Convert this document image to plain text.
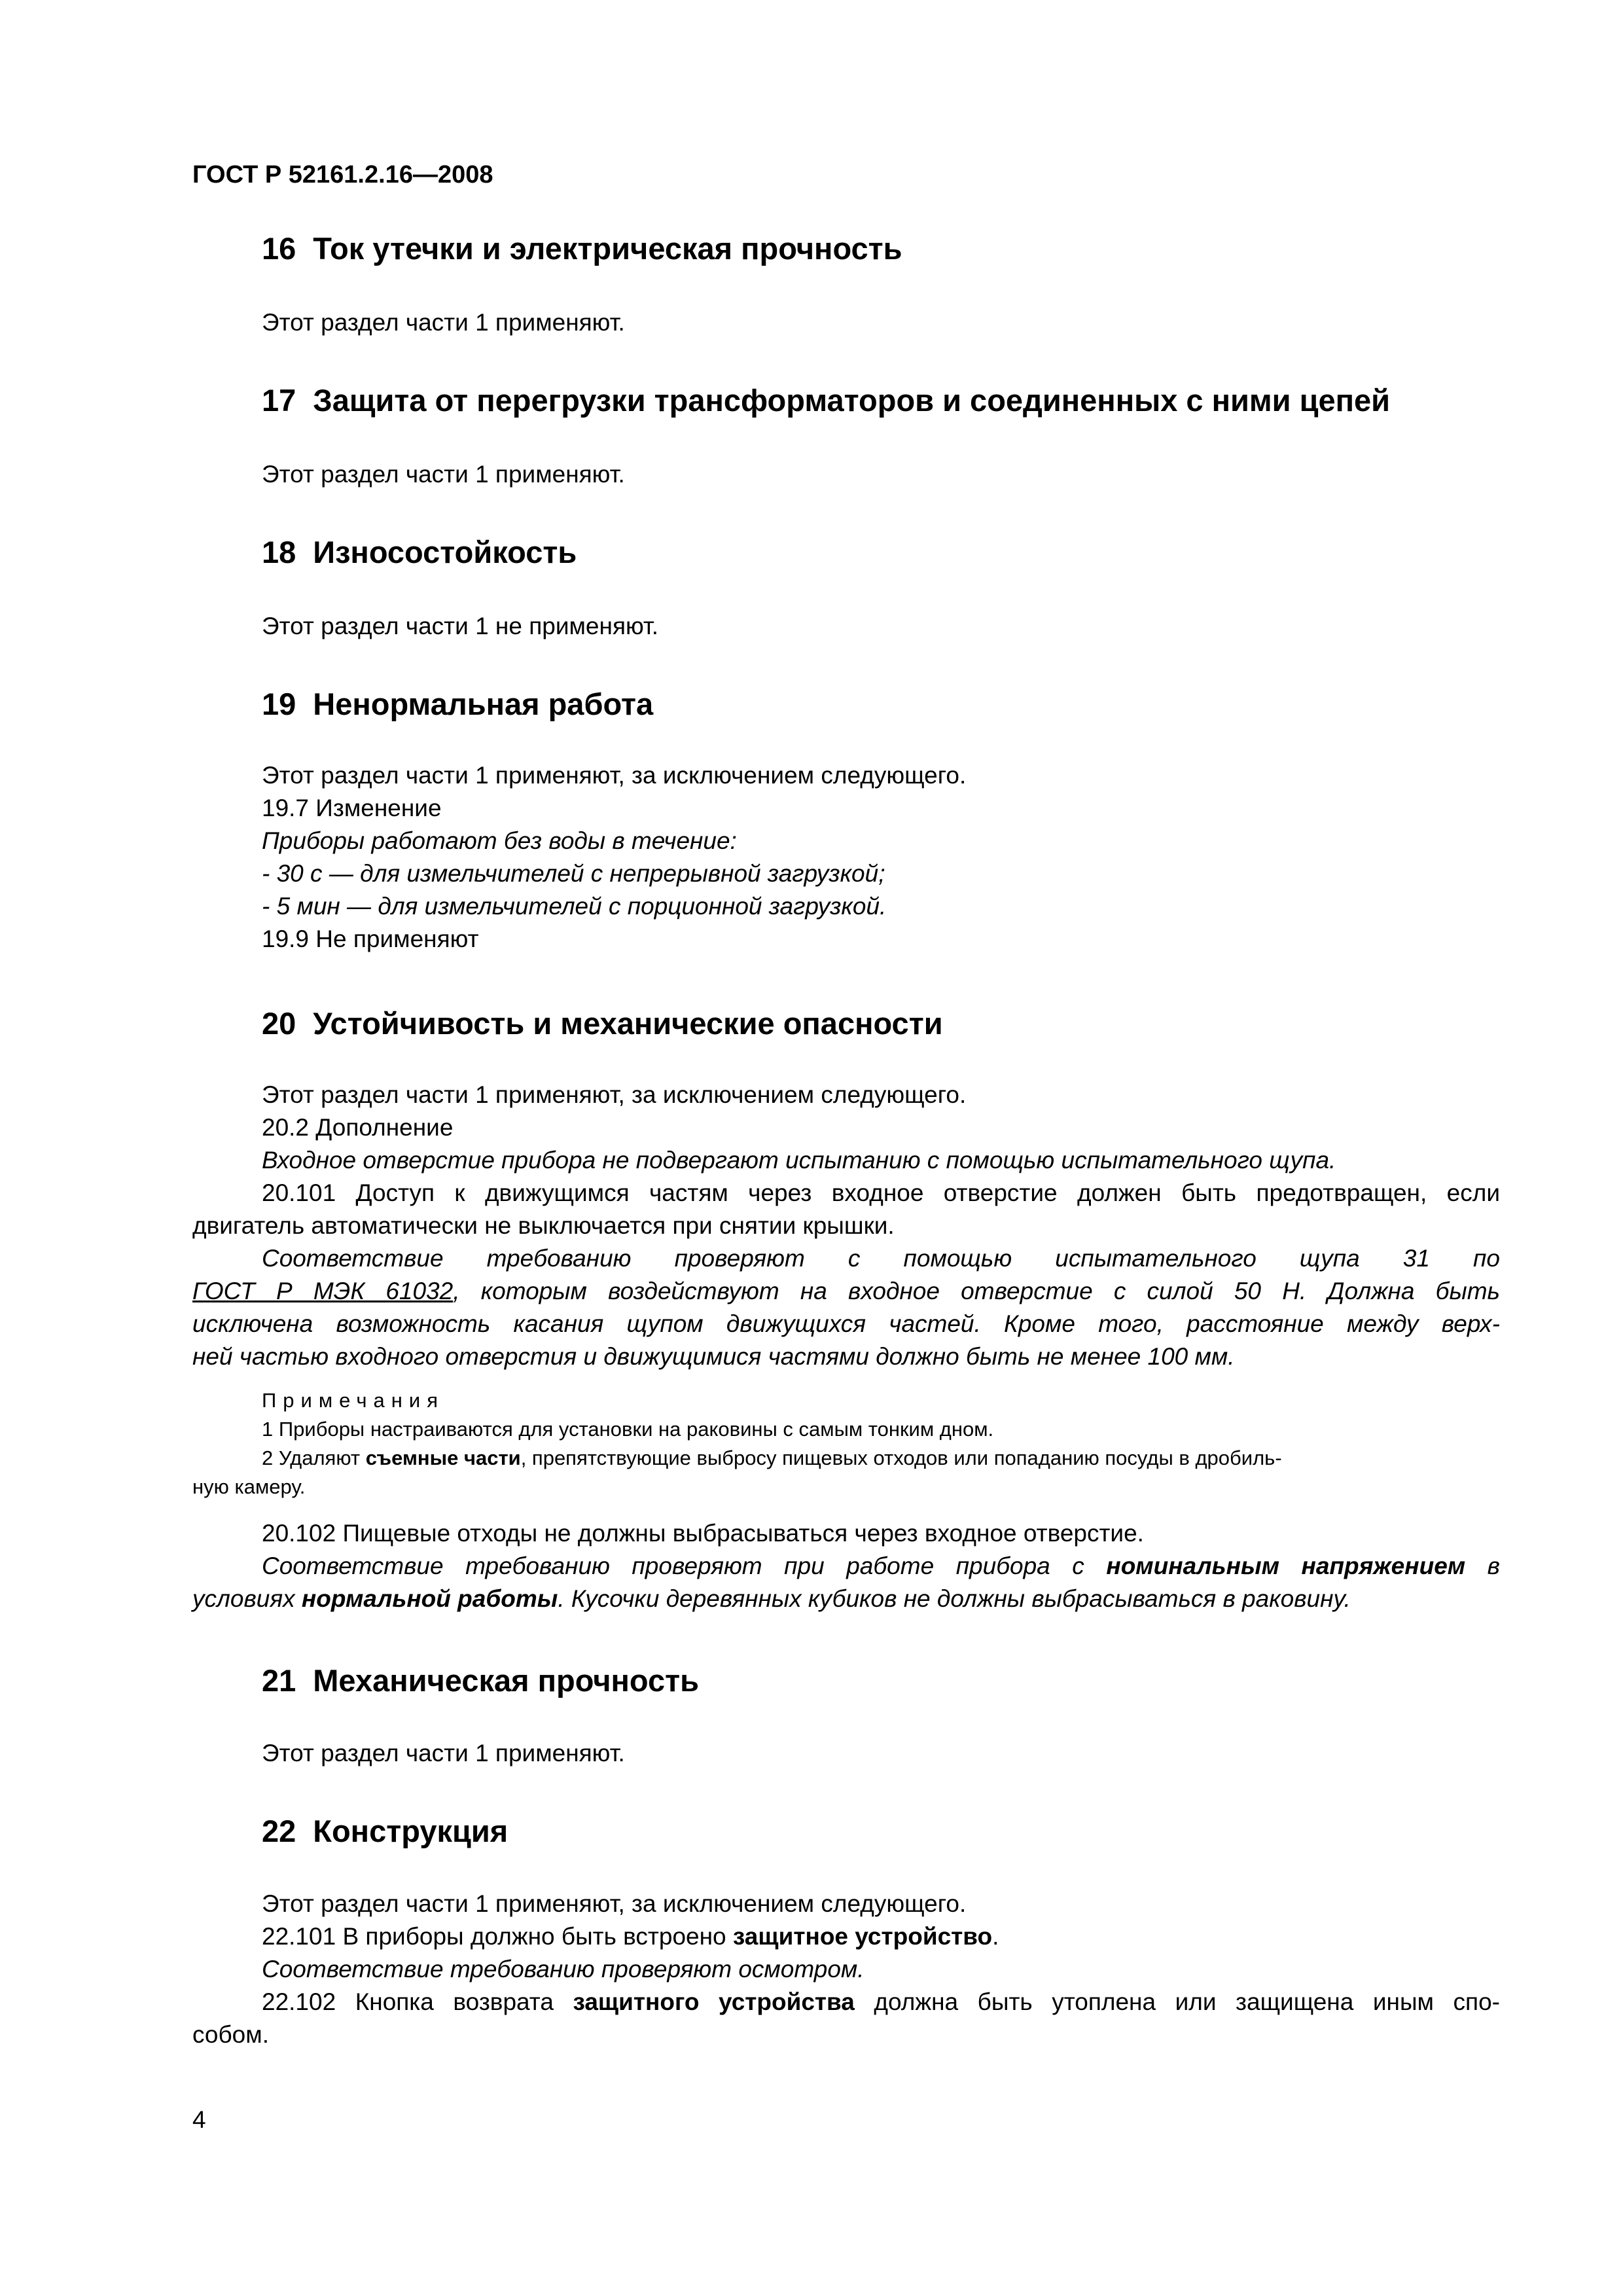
ГОСТ Р 52161.2.16—2008
16 Ток утечки и электрическая прочность
Этот раздел части 1 применяют.
17 Защита от перегрузки трансформаторов и соединенных с ними цепей
Этот раздел части 1 применяют.
18 Износостойкость
Этот раздел части 1 не применяют.
19 Ненормальная работа
Этот раздел части 1 применяют, за исключением следующего.
19.7 Изменение
Приборы работают без воды в течение:
- 30 с — для измельчителей с непрерывной загрузкой;
- 5 мин — для измельчителей с порционной загрузкой.
19.9 Не применяют
20 Устойчивость и механические опасности
Этот раздел части 1 применяют, за исключением следующего.
20.2 Дополнение
Входное отверстие прибора не подвергают испытанию с помощью испытательного щупа.
20.101 Доступ к движущимся частям через входное отверстие должен быть предотвращен, если
двигатель автоматически не выключается при снятии крышки.
Соответствие требованию проверяют с помощью испытательного щупа 31 по
ГОСТ Р МЭК 61032, которым воздействуют на входное отверстие с силой 50 Н. Должна быть
исключена возможность касания щупом движущихся частей. Кроме того, расстояние между верх-
ней частью входного отверстия и движущимися частями должно быть не менее 100 мм.
Примечания
1 Приборы настраиваются для установки на раковины с самым тонким дном.
2 Удаляют съемные части, препятствующие выбросу пищевых отходов или попаданию посуды в дробиль-
ную камеру.
20.102 Пищевые отходы не должны выбрасываться через входное отверстие.
Соответствие требованию проверяют при работе прибора с номинальным напряжением в
условиях нормальной работы. Кусочки деревянных кубиков не должны выбрасываться в раковину.
21 Механическая прочность
Этот раздел части 1 применяют.
22 Конструкция
Этот раздел части 1 применяют, за исключением следующего.
22.101 В приборы должно быть встроено защитное устройство.
Соответствие требованию проверяют осмотром.
22.102 Кнопка возврата защитного устройства должна быть утоплена или защищена иным спо-
собом.
4
